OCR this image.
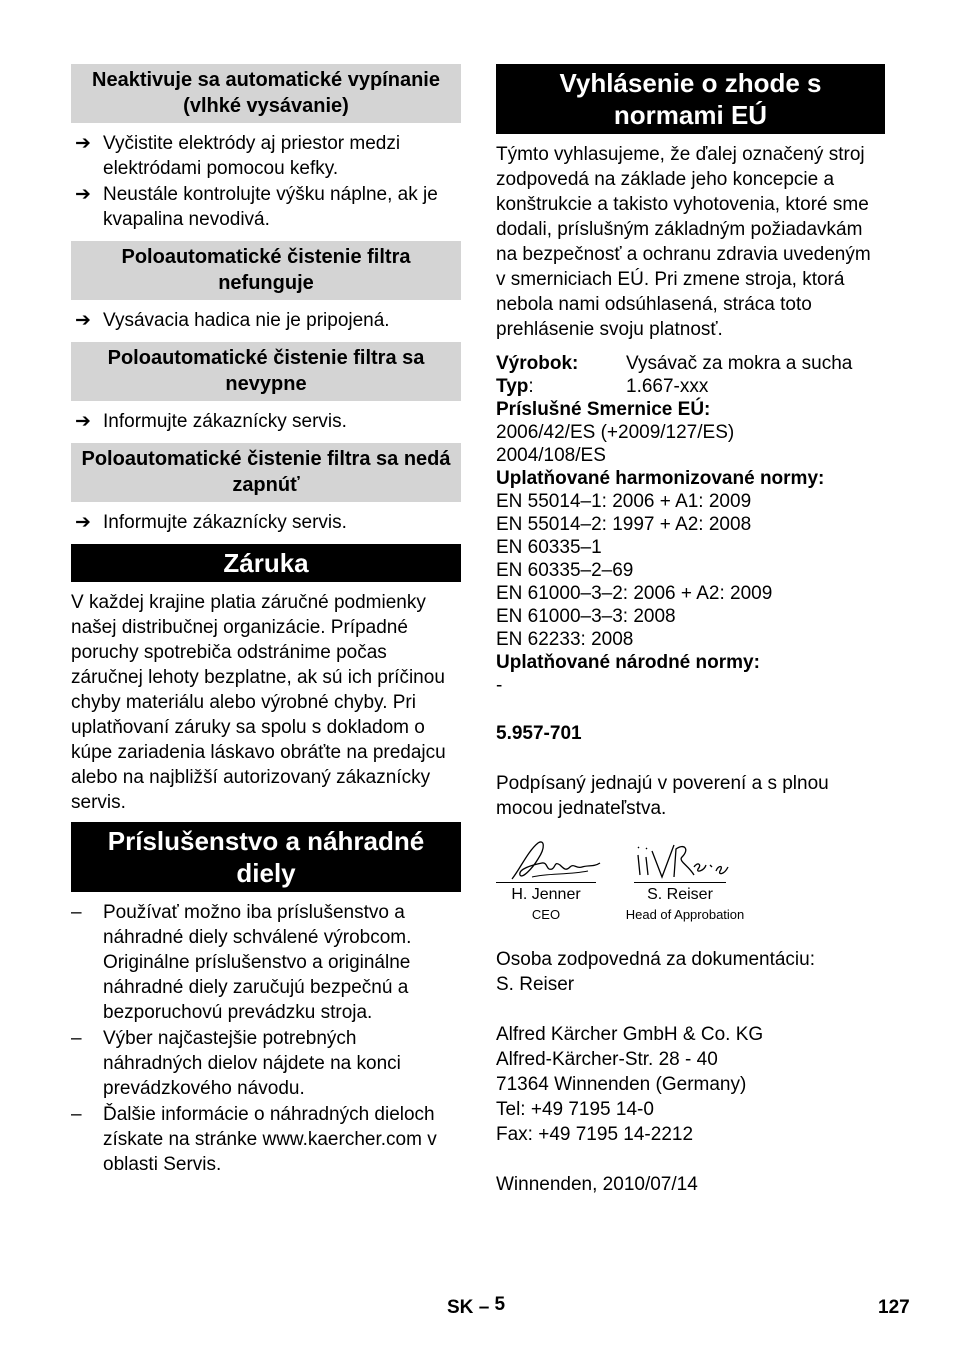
Neaktivuje sa automatické vypínanie (vlhké vysávanie)
➔ Vyčistite elektródy aj priestor medzi elektródami pomocou kefky.
➔ Neustále kontrolujte výšku náplne, ak je kvapalina nevodivá.
Poloautomatické čistenie filtra nefunguje
➔ Vysávacia hadica nie je pripojená.
Poloautomatické čistenie filtra sa nevypne
➔ Informujte zákaznícky servis.
Poloautomatické čistenie filtra sa nedá zapnúť
➔ Informujte zákaznícky servis.
Záruka

V každej krajine platia záručné podmienky našej distribučnej organizácie. Prípadné poruchy spotrebiča odstránime počas záručnej lehoty bezplatne, ak sú ich príčinou chyby materiálu alebo výrobné chyby. Pri uplatňovaní záruky sa spolu s dokladom o kúpe zariadenia láskavo obráťte na predajcu alebo na najbližší autorizovaný zákaznícky servis.

Príslušenstvo a náhradné diely
– Používať možno iba príslušenstvo a náhradné diely schválené výrobcom. Originálne príslušenstvo a originálne náhradné diely zaručujú bezpečnú a bezporuchovú prevádzku stroja.
– Výber najčastejšie potrebných náhradných dielov nájdete na konci prevádzkového návodu.
– Ďalšie informácie o náhradných dieloch získate na stránke www.kaercher.com v oblasti Servis.
Vyhlásenie o zhode s normami EÚ

Týmto vyhlasujeme, že ďalej označený stroj zodpovedá na základe jeho koncepcie a konštrukcie a takisto vyhotovenia, ktoré sme dodali, príslušným základným požiadavkám na bezpečnosť a ochranu zdravia uvedeným v smerniciach EÚ. Pri zmene stroja, ktorá nebola nami odsúhlasená, stráca toto prehlásenie svoju platnosť.

Výrobok:	Vysávač za mokra a sucha
Typ:	1.667-xxx
Príslušné Smernice EÚ:
2006/42/ES (+2009/127/ES)
2004/108/ES
Uplatňované harmonizované normy:
EN 55014–1: 2006 + A1: 2009
EN 55014–2: 1997 + A2: 2008
EN 60335–1
EN 60335–2–69
EN 61000–3–2: 2006 + A2: 2009
EN 61000–3–3: 2008
EN 62233: 2008
Uplatňované národné normy:
-
5.957-701

Podpísaný jednajú v poverení a s plnou mocou jednateľstva.

H. Jenner	S. Reiser
CEO	Head of Approbation

Osoba zodpovedná za dokumentáciu:

S. Reiser

Alfred Kärcher GmbH & Co. KG

Alfred-Kärcher-Str. 28 - 40

71364 Winnenden (Germany)

Tel: +49 7195 14-0

Fax: +49 7195 14-2212

Winnenden, 2010/07/14

SK – 5	127
